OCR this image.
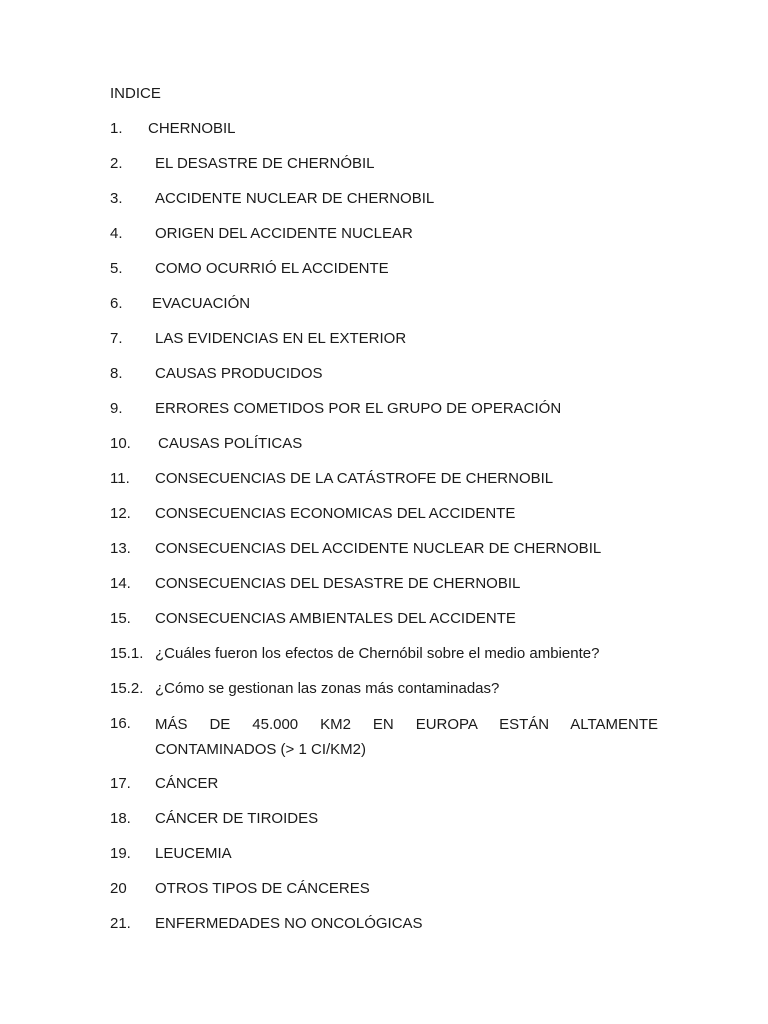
INDICE
1.	CHERNOBIL
2.	EL DESASTRE DE CHERNÓBIL
3.	ACCIDENTE NUCLEAR DE CHERNOBIL
4.	ORIGEN DEL ACCIDENTE NUCLEAR
5.	COMO OCURRIÓ EL ACCIDENTE
6.	EVACUACIÓN
7.	LAS EVIDENCIAS EN EL EXTERIOR
8.	CAUSAS PRODUCIDOS
9.	ERRORES COMETIDOS POR EL GRUPO DE OPERACIÓN
10.	CAUSAS POLÍTICAS
11.	CONSECUENCIAS DE LA CATÁSTROFE DE CHERNOBIL
12.	CONSECUENCIAS ECONOMICAS DEL ACCIDENTE
13.	CONSECUENCIAS DEL ACCIDENTE NUCLEAR DE CHERNOBIL
14.	CONSECUENCIAS DEL DESASTRE DE CHERNOBIL
15.	CONSECUENCIAS AMBIENTALES DEL ACCIDENTE
15.1. ¿Cuáles fueron los efectos de Chernóbil sobre el medio ambiente?
15.2. ¿Cómo se gestionan las zonas más contaminadas?
16.	MÁS DE 45.000 KM2 EN EUROPA ESTÁN ALTAMENTE CONTAMINADOS (> 1 CI/KM2)
17.	CÁNCER
18.	CÁNCER DE TIROIDES
19.	LEUCEMIA
20	OTROS TIPOS DE CÁNCERES
21.	ENFERMEDADES NO ONCOLÓGICAS
